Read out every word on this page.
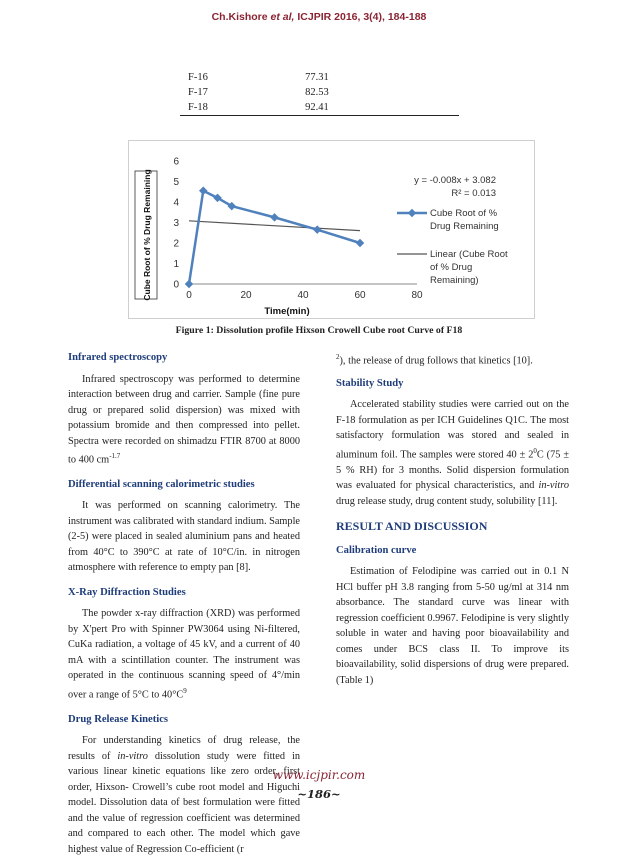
Ch.Kishore et al, ICJPIR 2016, 3(4), 184-188
F-16	77.31
F-17	82.53
F-18	92.41
0
1
2
3
4
5
6
0	20	40	60	80
Cube Root of % Drug Remaining
Time(min)
y = -0.008x + 3.082
R² = 0.013
Cube Root of % Drug Remaining
Linear (Cube Root of % Drug Remaining)
Figure 1: Dissolution profile Hixson Crowell Cube root Curve of F18
Infrared spectroscopy

Infrared spectroscopy was performed to determine interaction between drug and carrier. Sample (fine pure drug or prepared solid dispersion) was mixed with potassium bromide and then compressed into pellet. Spectra were recorded on shimadzu FTIR 8700 at 8000 to 400 $cm^{-1.7}$

Differential scanning calorimetric studies

It was performed on scanning calorimetry. The instrument was calibrated with standard indium. Sample (2-5) were placed in sealed aluminium pans and heated from 40°C to 390°C at rate of 10°C/in. in nitrogen atmosphere with reference to empty pan [8].

X-Ray Diffraction Studies

The powder x-ray diffraction (XRD) was performed by X'pert Pro with Spinner PW3064 using Ni-filtered, CuKa radiation, a voltage of 45 kV, and a current of 40 mA with a scintillation counter. The instrument was operated in the continuous scanning speed of 4°/min over a range of 5°C to $40^\circ C^9$

Drug Release Kinetics

For understanding kinetics of drug release, the results of in-vitro dissolution study were fitted in various linear kinetic equations like zero order, first order, Hixson- Crowell’s cube root model and Higuchi model. Dissolution data of best formulation were fitted and the value of regression coefficient was determined and compared to each other. The model which gave highest value of Regression Co-efficient (r

$^2$), the release of drug follows that kinetics [10].

Stability Study

Accelerated stability studies were carried out on the F-18 formulation as per ICH Guidelines Q1C. The most satisfactory formulation was stored and sealed in aluminum foil. The samples were stored $40 \pm 2^0C$ (75 ± 5 % RH) for 3 months. Solid dispersion formulation was evaluated for physical characteristics, and in-vitro drug release study, drug content study, solubility [11].

RESULT AND DISCUSSION
Calibration curve

Estimation of Felodipine was carried out in 0.1 N HCl buffer pH 3.8 ranging from 5-50 ug/ml at 314 nm absorbance. The standard curve was linear with regression coefficient 0.9967. Felodipine is very slightly soluble in water and having poor bioavailability and comes under BCS class II. To improve its bioavailability, solid dispersions of drug were prepared. (Table 1)

www.icjpir.com
~186~
